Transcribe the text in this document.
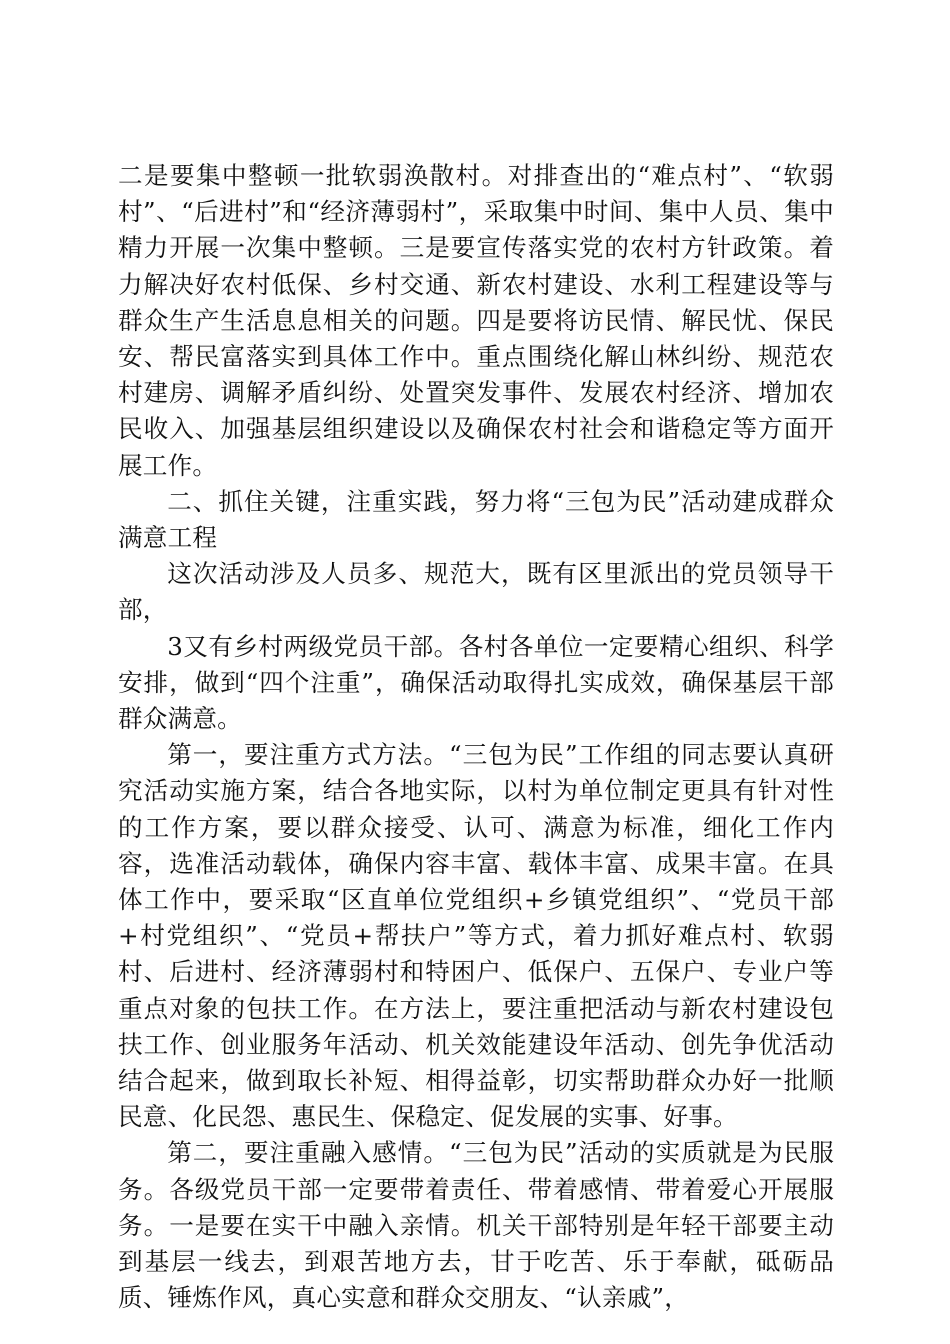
二是要集中整顿一批软弱涣散村。对排查出的“难点村”、“软弱村”、“后进村”和“经济薄弱村”，采取集中时间、集中人员、集中精力开展一次集中整顿。三是要宣传落实党的农村方针政策。着力解决好农村低保、乡村交通、新农村建设、水利工程建设等与群众生产生活息息相关的问题。四是要将访民情、解民忧、保民安、帮民富落实到具体工作中。重点围绕化解山林纠纷、规范农村建房、调解矛盾纠纷、处置突发事件、发展农村经济、增加农民收入、加强基层组织建设以及确保农村社会和谐稳定等方面开展工作。

二、抓住关键，注重实践，努力将“三包为民”活动建成群众满意工程

这次活动涉及人员多、规范大，既有区里派出的党员领导干部，

3又有乡村两级党员干部。各村各单位一定要精心组织、科学安排，做到“四个注重”，确保活动取得扎实成效，确保基层干部群众满意。

第一，要注重方式方法。“三包为民”工作组的同志要认真研究活动实施方案，结合各地实际，以村为单位制定更具有针对性的工作方案，要以群众接受、认可、满意为标准，细化工作内容，选准活动载体，确保内容丰富、载体丰富、成果丰富。在具体工作中，要采取“区直单位党组织+乡镇党组织”、“党员干部+村党组织”、“党员+帮扶户”等方式，着力抓好难点村、软弱村、后进村、经济薄弱村和特困户、低保户、五保户、专业户等重点对象的包扶工作。在方法上，要注重把活动与新农村建设包扶工作、创业服务年活动、机关效能建设年活动、创先争优活动结合起来，做到取长补短、相得益彰，切实帮助群众办好一批顺民意、化民怨、惠民生、保稳定、促发展的实事、好事。

第二，要注重融入感情。“三包为民”活动的实质就是为民服务。各级党员干部一定要带着责任、带着感情、带着爱心开展服务。一是要在实干中融入亲情。机关干部特别是年轻干部要主动到基层一线去，到艰苦地方去，甘于吃苦、乐于奉献，砥砺品质、锤炼作风，真心实意和群众交朋友、“认亲戚”，
